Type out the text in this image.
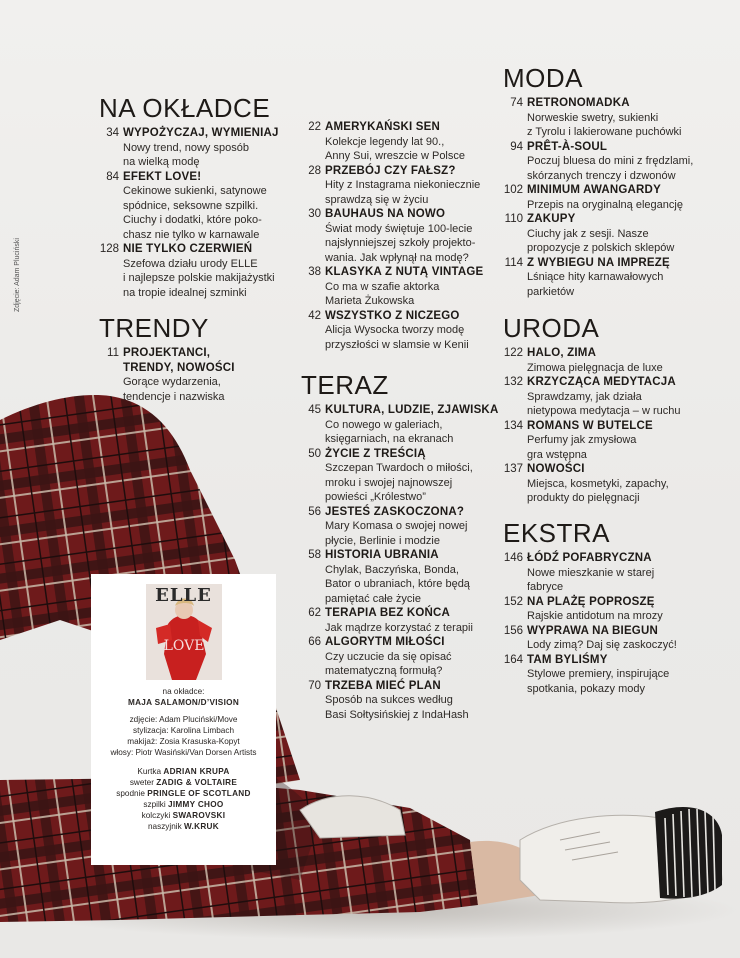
Zdjęcie: Adam Pluciński
NA OKŁADCE
34 WYPOŻYCZAJ, WYMIENIAJ
Nowy trend, nowy sposób
na wielką modę
84 EFEKT LOVE!
Cekinowe sukienki, satynowe
spódnice, seksowne szpilki.
Ciuchy i dodatki, które poko-
chasz nie tylko w karnawale
128 NIE TYLKO CZERWIEŃ
Szefowa działu urody ELLE
i najlepsze polskie makijażystki
na tropie idealnej szminki
TRENDY
11 PROJEKTANCI,
TRENDY, NOWOŚCI
Gorące wydarzenia,
tendencje i nazwiska
22 AMERYKAŃSKI SEN
Kolekcje legendy lat 90.,
Anny Sui, wreszcie w Polsce
28 PRZEBÓJ CZY FAŁSZ?
Hity z Instagrama niekoniecznie
sprawdzą się w życiu
30 BAUHAUS NA NOWO
Świat mody świętuje 100-lecie
najsłynniejszej szkoły projekto-
wania. Jak wpłynął na modę?
38 KLASYKA Z NUTĄ VINTAGE
Co ma w szafie aktorka
Marieta Żukowska
42 WSZYSTKO Z NICZEGO
Alicja Wysocka tworzy modę
przyszłości w slamsie w Kenii
TERAZ
45 KULTURA, LUDZIE, ZJAWISKA
Co nowego w galeriach,
księgarniach, na ekranach
50 ŻYCIE Z TREŚCIĄ
Szczepan Twardoch o miłości,
mroku i swojej najnowszej
powieści „Królestwo”
56 JESTEŚ ZASKOCZONA?
Mary Komasa o swojej nowej
płycie, Berlinie i modzie
58 HISTORIA UBRANIA
Chylak, Baczyńska, Bonda,
Bator o ubraniach, które będą
pamiętać całe życie
62 TERAPIA BEZ KOŃCA
Jak mądrze korzystać z terapii
66 ALGORYTM MIŁOŚCI
Czy uczucie da się opisać
matematyczną formułą?
70 TRZEBA MIEĆ PLAN
Sposób na sukces według
Basi Sołtysińskiej z IndaHash
MODA
74 RETRONOMADKA
Norweskie swetry, sukienki
z Tyrolu i lakierowane puchówki
94 PRÊT-À-SOUL
Poczuj bluesa do mini z frędzlami,
skórzanych trenczy i dzwonów
102 MINIMUM AWANGARDY
Przepis na oryginalną elegancję
110 ZAKUPY
Ciuchy jak z sesji. Nasze
propozycje z polskich sklepów
114 Z WYBIEGU NA IMPREZĘ
Lśniące hity karnawałowych
parkietów
URODA
122 HALO, ZIMA
Zimowa pielęgnacja de luxe
132 KRZYCZĄCA MEDYTACJA
Sprawdzamy, jak działa
nietypowa medytacja – w ruchu
134 ROMANS W BUTELCE
Perfumy jak zmysłowa
gra wstępna
137 NOWOŚCI
Miejsca, kosmetyki, zapachy,
produkty do pielęgnacji
EKSTRA
146 ŁÓDŹ POFABRYCZNA
Nowe mieszkanie w starej
fabryce
152 NA PLAŻĘ POPROSZĘ
Rajskie antidotum na mrozy
156 WYPRAWA NA BIEGUN
Lody zimą? Daj się zaskoczyć!
164 TAM BYLIŚMY
Stylowe premiery, inspirujące
spotkania, pokazy mody
LOVE
ELLE
na okładce:
MAJA SALAMON/D’VISION
zdjęcie: Adam Pluciński/Move
stylizacja: Karolina Limbach
makijaż: Zosia Krasuska-Kopyt
włosy: Piotr Wasiński/Van Dorsen Artists
Kurtka ADRIAN KRUPA
sweter ZADIG & VOLTAIRE
spodnie PRINGLE OF SCOTLAND
szpilki JIMMY CHOO
kolczyki SWAROVSKI
naszyjnik W.KRUK
